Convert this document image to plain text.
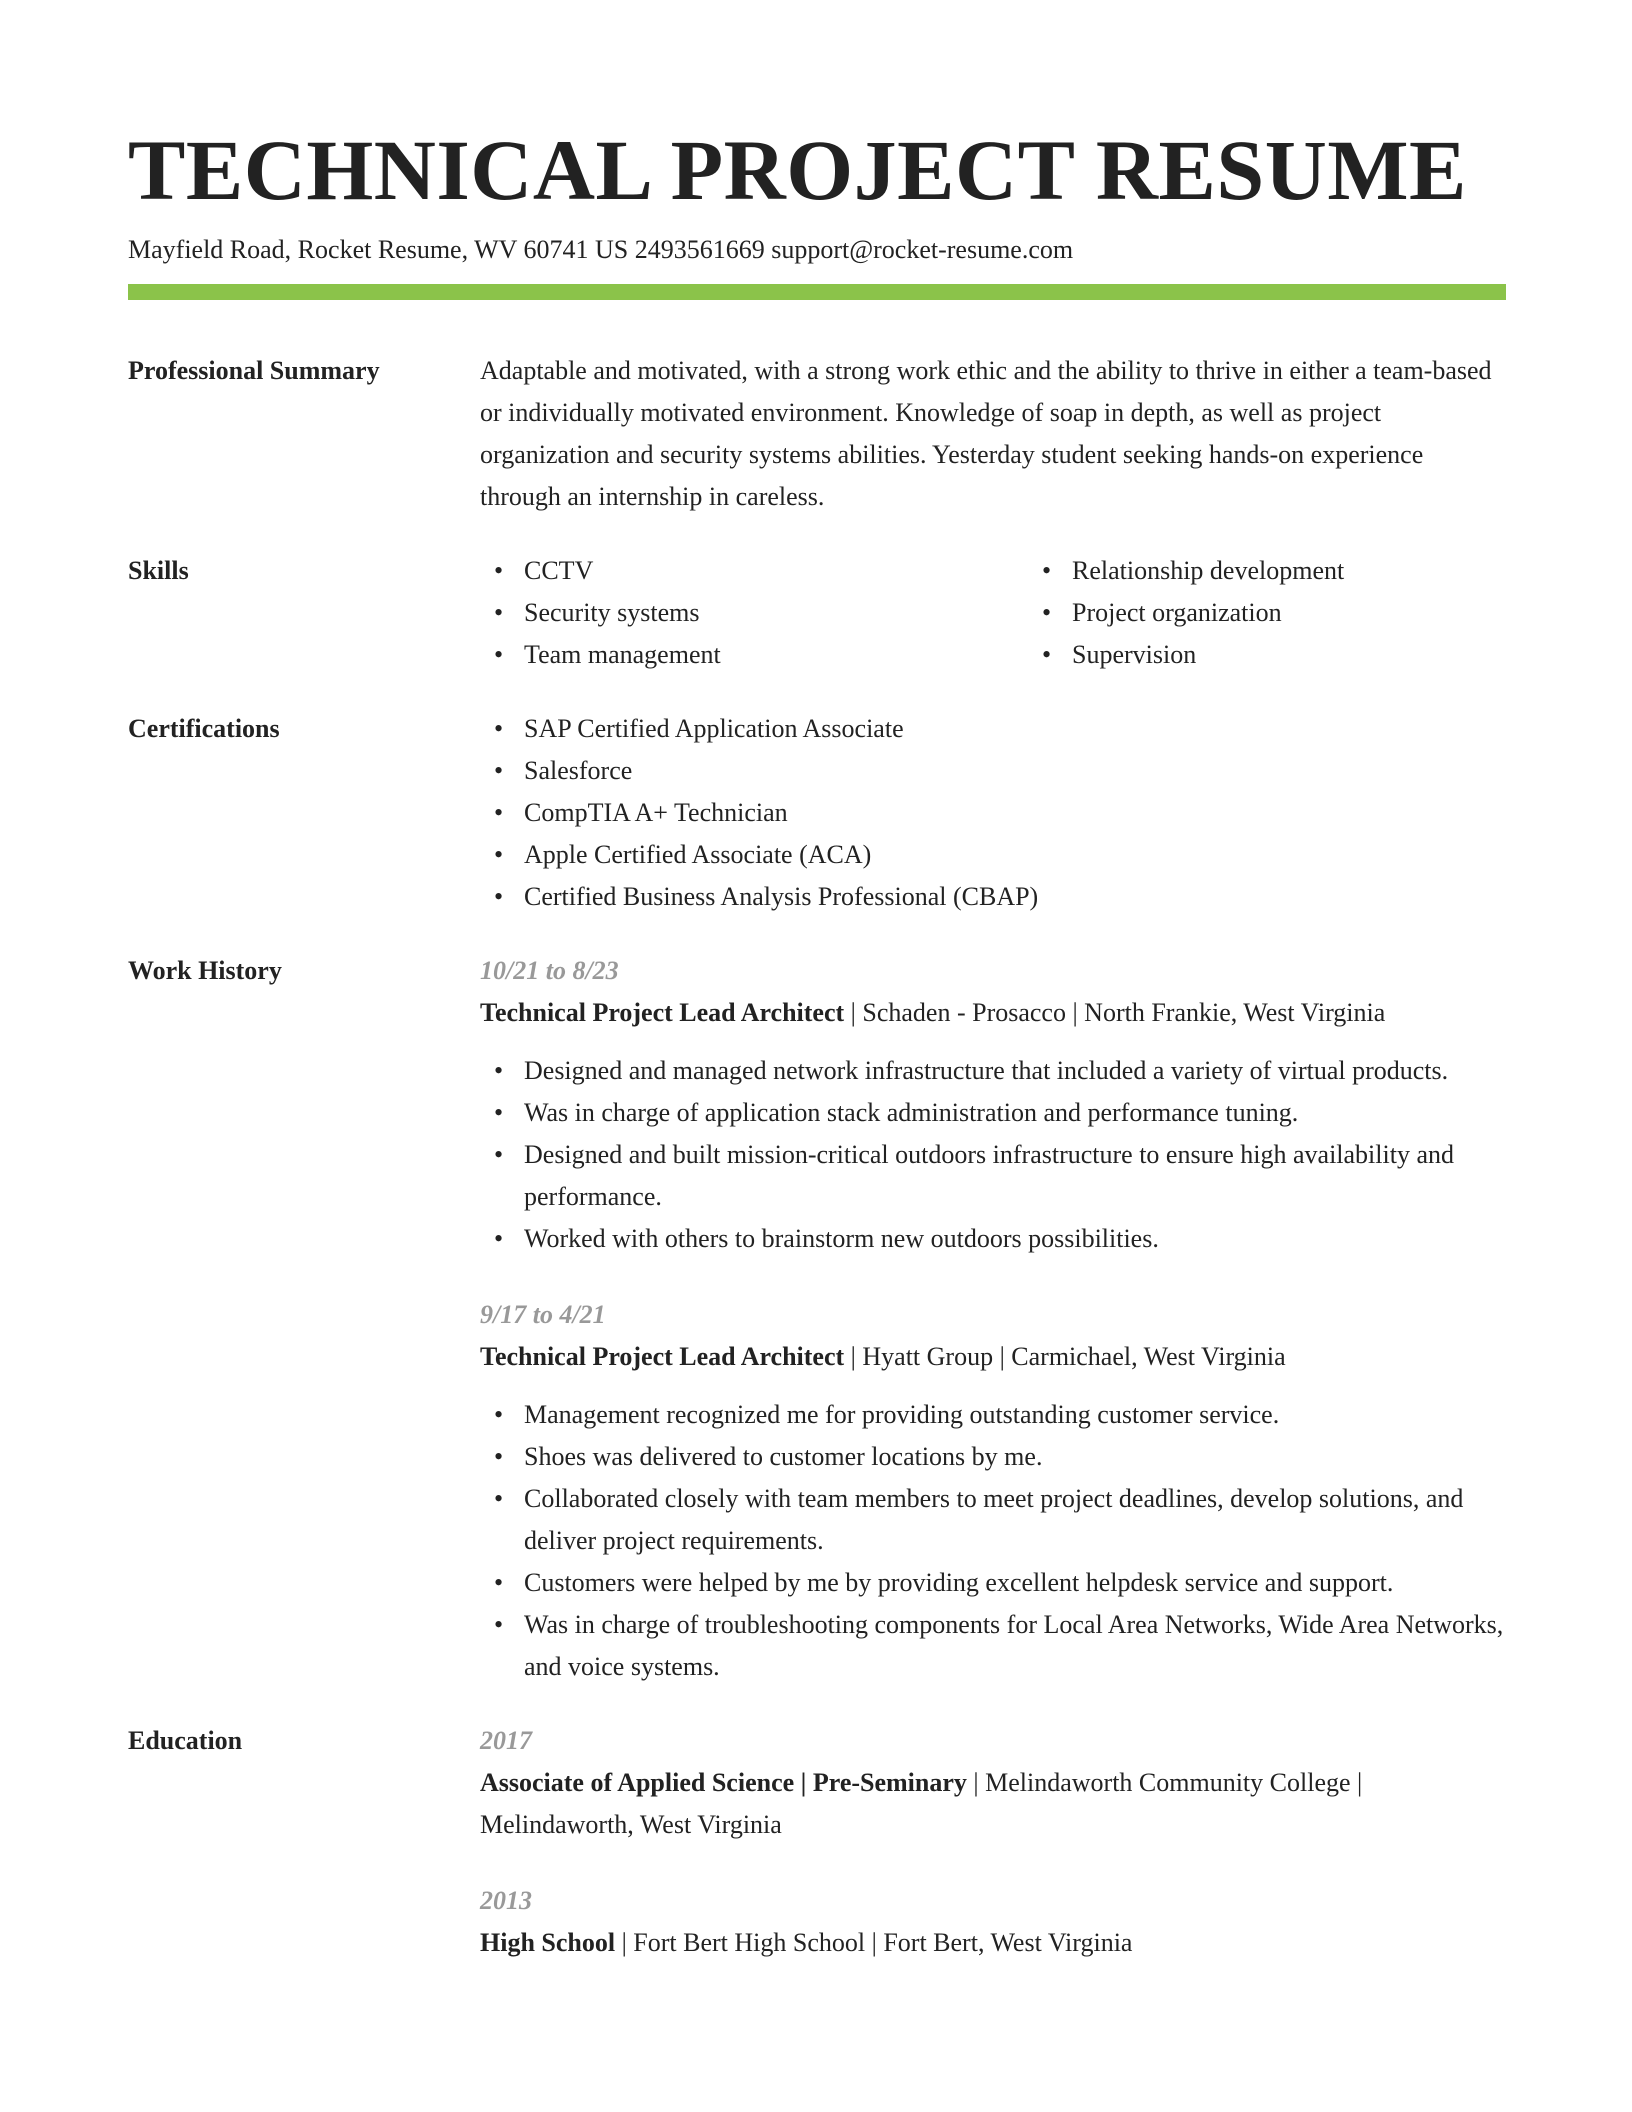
TECHNICAL PROJECT RESUME
Mayfield Road, Rocket Resume, WV 60741 US 2493561669 support@rocket-resume.com
Professional Summary	Adaptable and motivated, with a strong work ethic and the ability to thrive in either a team-based or individually motivated environment. Knowledge of soap in depth, as well as project organization and security systems abilities. Yesterday student seeking hands-on experience through an internship in careless.

Skills	• CCTV
• Security systems
• Team management
• Relationship development
• Project organization
• Supervision
Certifications	• SAP Certified Application Associate
• Salesforce
• CompTIA A+ Technician
• Apple Certified Associate (ACA)
• Certified Business Analysis Professional (CBAP)
Work History	10/21 to 8/23
Technical Project Lead Architect | Schaden - Prosacco | North Frankie, West Virginia
• Designed and managed network infrastructure that included a variety of virtual products.
• Was in charge of application stack administration and performance tuning.
• Designed and built mission-critical outdoors infrastructure to ensure high availability and performance.
• Worked with others to brainstorm new outdoors possibilities.
9/17 to 4/21
Technical Project Lead Architect | Hyatt Group | Carmichael, West Virginia
• Management recognized me for providing outstanding customer service.
• Shoes was delivered to customer locations by me.
• Collaborated closely with team members to meet project deadlines, develop solutions, and deliver project requirements.
• Customers were helped by me by providing excellent helpdesk service and support.
• Was in charge of troubleshooting components for Local Area Networks, Wide Area Networks, and voice systems.
Education	2017
Associate of Applied Science | Pre-Seminary | Melindaworth Community College | Melindaworth, West Virginia
2013
High School | Fort Bert High School | Fort Bert, West Virginia
